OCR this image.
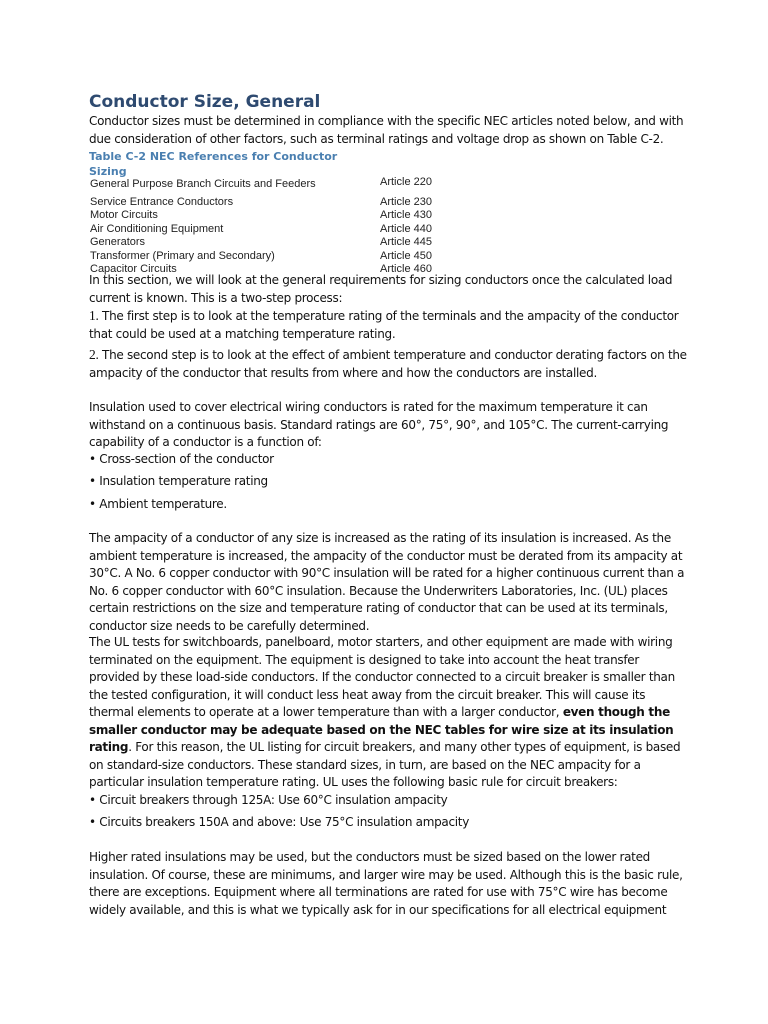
Conductor Size, General

Conductor sizes must be determined in compliance with the specific NEC articles noted below, and with due consideration of other factors, such as terminal ratings and voltage drop as shown on Table C-2.

Table C-2 NEC References for Conductor Sizing

General Purpose Branch Circuits and Feeders	Article 220
Service Entrance Conductors	Article 230
Motor Circuits	Article 430
Air Conditioning Equipment	Article 440
Generators	Article 445
Transformer (Primary and Secondary)	Article 450
Capacitor Circuits	Article 460

In this section, we will look at the general requirements for sizing conductors once the calculated load current is known. This is a two-step process:

1. The first step is to look at the temperature rating of the terminals and the ampacity of the conductor that could be used at a matching temperature rating.

2. The second step is to look at the effect of ambient temperature and conductor derating factors on the ampacity of the conductor that results from where and how the conductors are installed.

Insulation used to cover electrical wiring conductors is rated for the maximum temperature it can withstand on a continuous basis. Standard ratings are 60°, 75°, 90°, and 105°C. The current-carrying capability of a conductor is a function of:

• Cross-section of the conductor

• Insulation temperature rating

• Ambient temperature.

The ampacity of a conductor of any size is increased as the rating of its insulation is increased. As the ambient temperature is increased, the ampacity of the conductor must be derated from its ampacity at 30°C. A No. 6 copper conductor with 90°C insulation will be rated for a higher continuous current than a No. 6 copper conductor with 60°C insulation. Because the Underwriters Laboratories, Inc. (UL) places certain restrictions on the size and temperature rating of conductor that can be used at its terminals, conductor size needs to be carefully determined.

The UL tests for switchboards, panelboard, motor starters, and other equipment are made with wiring terminated on the equipment. The equipment is designed to take into account the heat transfer provided by these load-side conductors. If the conductor connected to a circuit breaker is smaller than the tested configuration, it will conduct less heat away from the circuit breaker. This will cause its thermal elements to operate at a lower temperature than with a larger conductor, even though the smaller conductor may be adequate based on the NEC tables for wire size at its insulation rating. For this reason, the UL listing for circuit breakers, and many other types of equipment, is based on standard-size conductors. These standard sizes, in turn, are based on the NEC ampacity for a particular insulation temperature rating. UL uses the following basic rule for circuit breakers:

• Circuit breakers through 125A: Use 60°C insulation ampacity

• Circuits breakers 150A and above: Use 75°C insulation ampacity

Higher rated insulations may be used, but the conductors must be sized based on the lower rated insulation. Of course, these are minimums, and larger wire may be used. Although this is the basic rule, there are exceptions. Equipment where all terminations are rated for use with 75°C wire has become widely available, and this is what we typically ask for in our specifications for all electrical equipment
